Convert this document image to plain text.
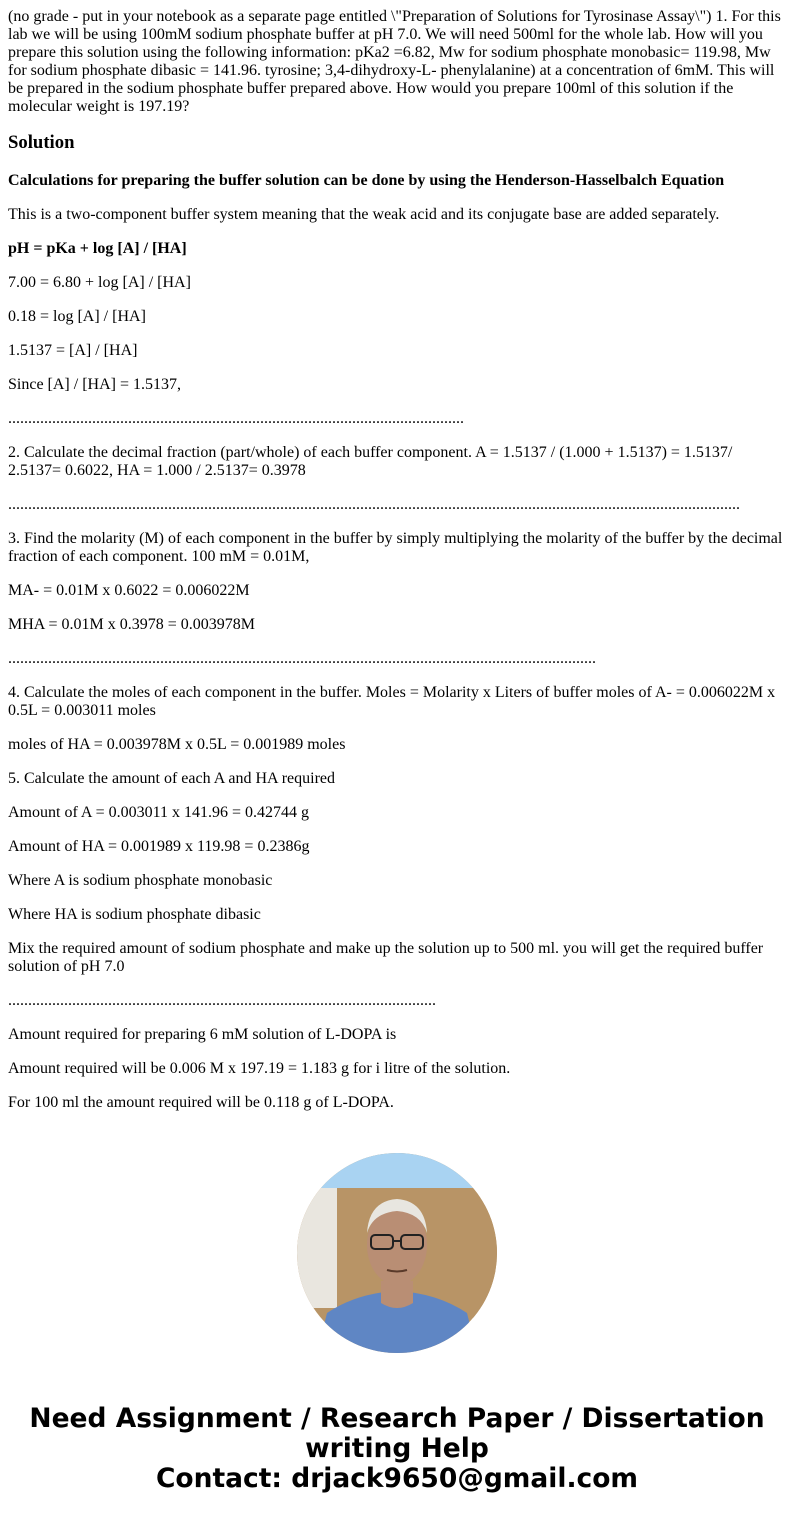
(no grade - put in your notebook as a separate page entitled \"Preparation of Solutions for Tyrosinase Assay\") 1. For this lab we will be using 100mM sodium phosphate buffer at pH 7.0. We will need 500ml for the whole lab. How will you prepare this solution using the following information: pKa2 =6.82, Mw for sodium phosphate monobasic= 119.98, Mw for sodium phosphate dibasic = 141.96. tyrosine; 3,4-dihydroxy-L- phenylalanine) at a concentration of 6mM. This will be prepared in the sodium phosphate buffer prepared above. How would you prepare 100ml of this solution if the molecular weight is 197.19?

Solution

Calculations for preparing the buffer solution can be done by using the Henderson-Hasselbalch Equation

This is a two-component buffer system meaning that the weak acid and its conjugate base are added separately.

pH = pKa + log [A] / [HA]

7.00 = 6.80 + log [A] / [HA]

0.18 = log [A] / [HA]

1.5137 = [A] / [HA]

Since [A] / [HA] = 1.5137,

..................................................................................................................

2. Calculate the decimal fraction (part/whole) of each buffer component. A = 1.5137 / (1.000 + 1.5137) = 1.5137/ 2.5137= 0.6022, HA = 1.000 / 2.5137= 0.3978

.......................................................................................................................................................................................

3. Find the molarity (M) of each component in the buffer by simply multiplying the molarity of the buffer by the decimal fraction of each component. 100 mM = 0.01M,

MA- = 0.01M x 0.6022 = 0.006022M

MHA = 0.01M x 0.3978 = 0.003978M

...................................................................................................................................................

4. Calculate the moles of each component in the buffer. Moles = Molarity x Liters of buffer moles of A- = 0.006022M x 0.5L = 0.003011 moles

moles of HA = 0.003978M x 0.5L = 0.001989 moles

5. Calculate the amount of each A and HA required

Amount of A = 0.003011 x 141.96 = 0.42744 g

Amount of HA = 0.001989 x 119.98 = 0.2386g

Where A is sodium phosphate monobasic

Where HA is sodium phosphate dibasic

Mix the required amount of sodium phosphate and make up the solution up to 500 ml. you will get the required buffer solution of pH 7.0

...........................................................................................................

Amount required for preparing 6 mM solution of L-DOPA is

Amount required will be 0.006 M x 197.19 = 1.183 g for i litre of the solution.

For 100 ml the amount required will be 0.118 g of L-DOPA.

Need Assignment / Research Paper / Dissertation
writing Help
Contact: drjack9650@gmail.com
